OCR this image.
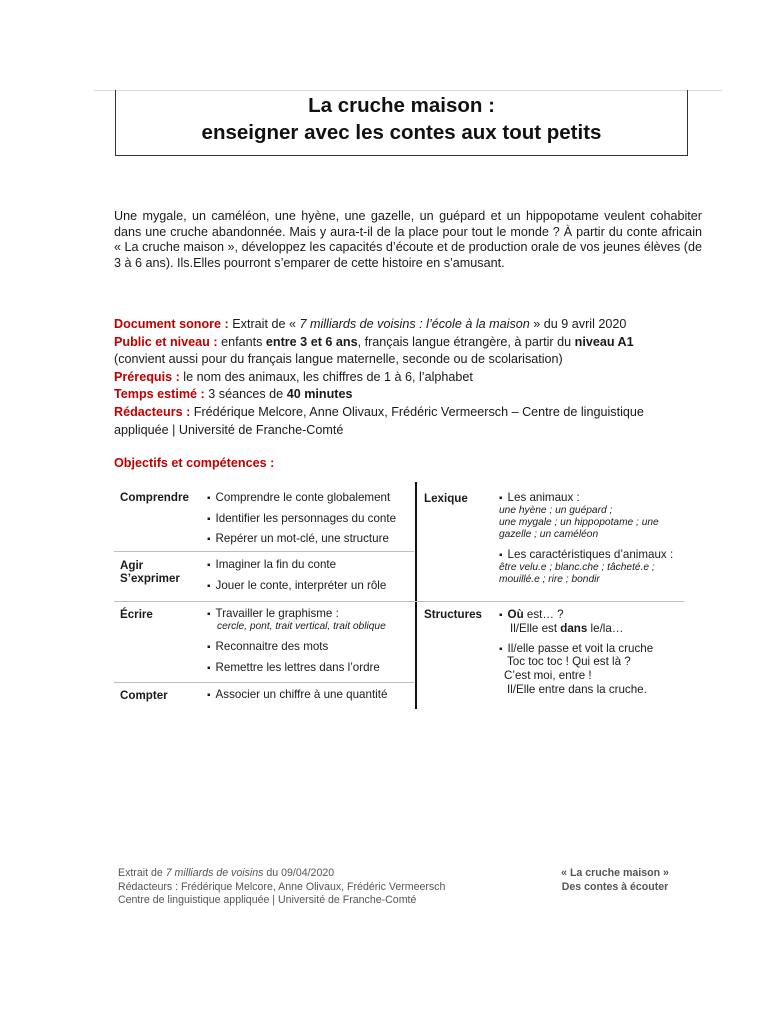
La cruche maison :
enseigner avec les contes aux tout petits
Une mygale, un caméléon, une hyène, une gazelle, un guépard et un hippopotame veulent cohabiter dans une cruche abandonnée. Mais y aura-t-il de la place pour tout le monde ? À partir du conte africain « La cruche maison », développez les capacités d’écoute et de production orale de vos jeunes élèves (de 3 à 6 ans). Ils.Elles pourront s’emparer de cette histoire en s’amusant.
Document sonore : Extrait de « 7 milliards de voisins : l’école à la maison » du 9 avril 2020
Public et niveau : enfants entre 3 et 6 ans, français langue étrangère, à partir du niveau A1
(convient aussi pour du français langue maternelle, seconde ou de scolarisation)
Prérequis : le nom des animaux, les chiffres de 1 à 6, l’alphabet
Temps estimé : 3 séances de 40 minutes
Rédacteurs : Frédérique Melcore, Anne Olivaux, Frédéric Vermeersch – Centre de linguistique
appliquée | Université de Franche-Comté
Objectifs et compétences :
Comprendre	▪ Comprendre le conte globalement
▪ Identifier les personnages du conte
▪ Repérer un mot-clé, une structure
Agir
S’exprimer
▪ Imaginer la fin du conte
▪ Jouer le conte, interpréter un rôle
Écrire	▪ Travailler le graphisme :
cercle, pont, trait vertical, trait oblique
▪ Reconnaitre des mots
▪ Remettre les lettres dans l’ordre
Compter	▪ Associer un chiffre à une quantité
Lexique	▪ Les animaux :
une hyène ; un guépard ;
une mygale ; un hippopotame ; une
gazelle ; un caméléon
▪ Les caractéristiques d’animaux :
être velu.e ; blanc.che ; tâcheté.e ;
mouillé.e ; rire ; bondir
Structures	▪ Où est… ?
Il/Elle est dans le/la…
▪ Il/elle passe et voit la cruche
Toc toc toc ! Qui est là ?
C’est moi, entre !
Il/Elle entre dans la cruche.
Extrait de 7 milliards de voisins du 09/04/2020
Rédacteurs : Frédérique Melcore, Anne Olivaux, Frédéric Vermeersch
Centre de linguistique appliquée | Université de Franche-Comté
« La cruche maison »
Des contes à écouter
